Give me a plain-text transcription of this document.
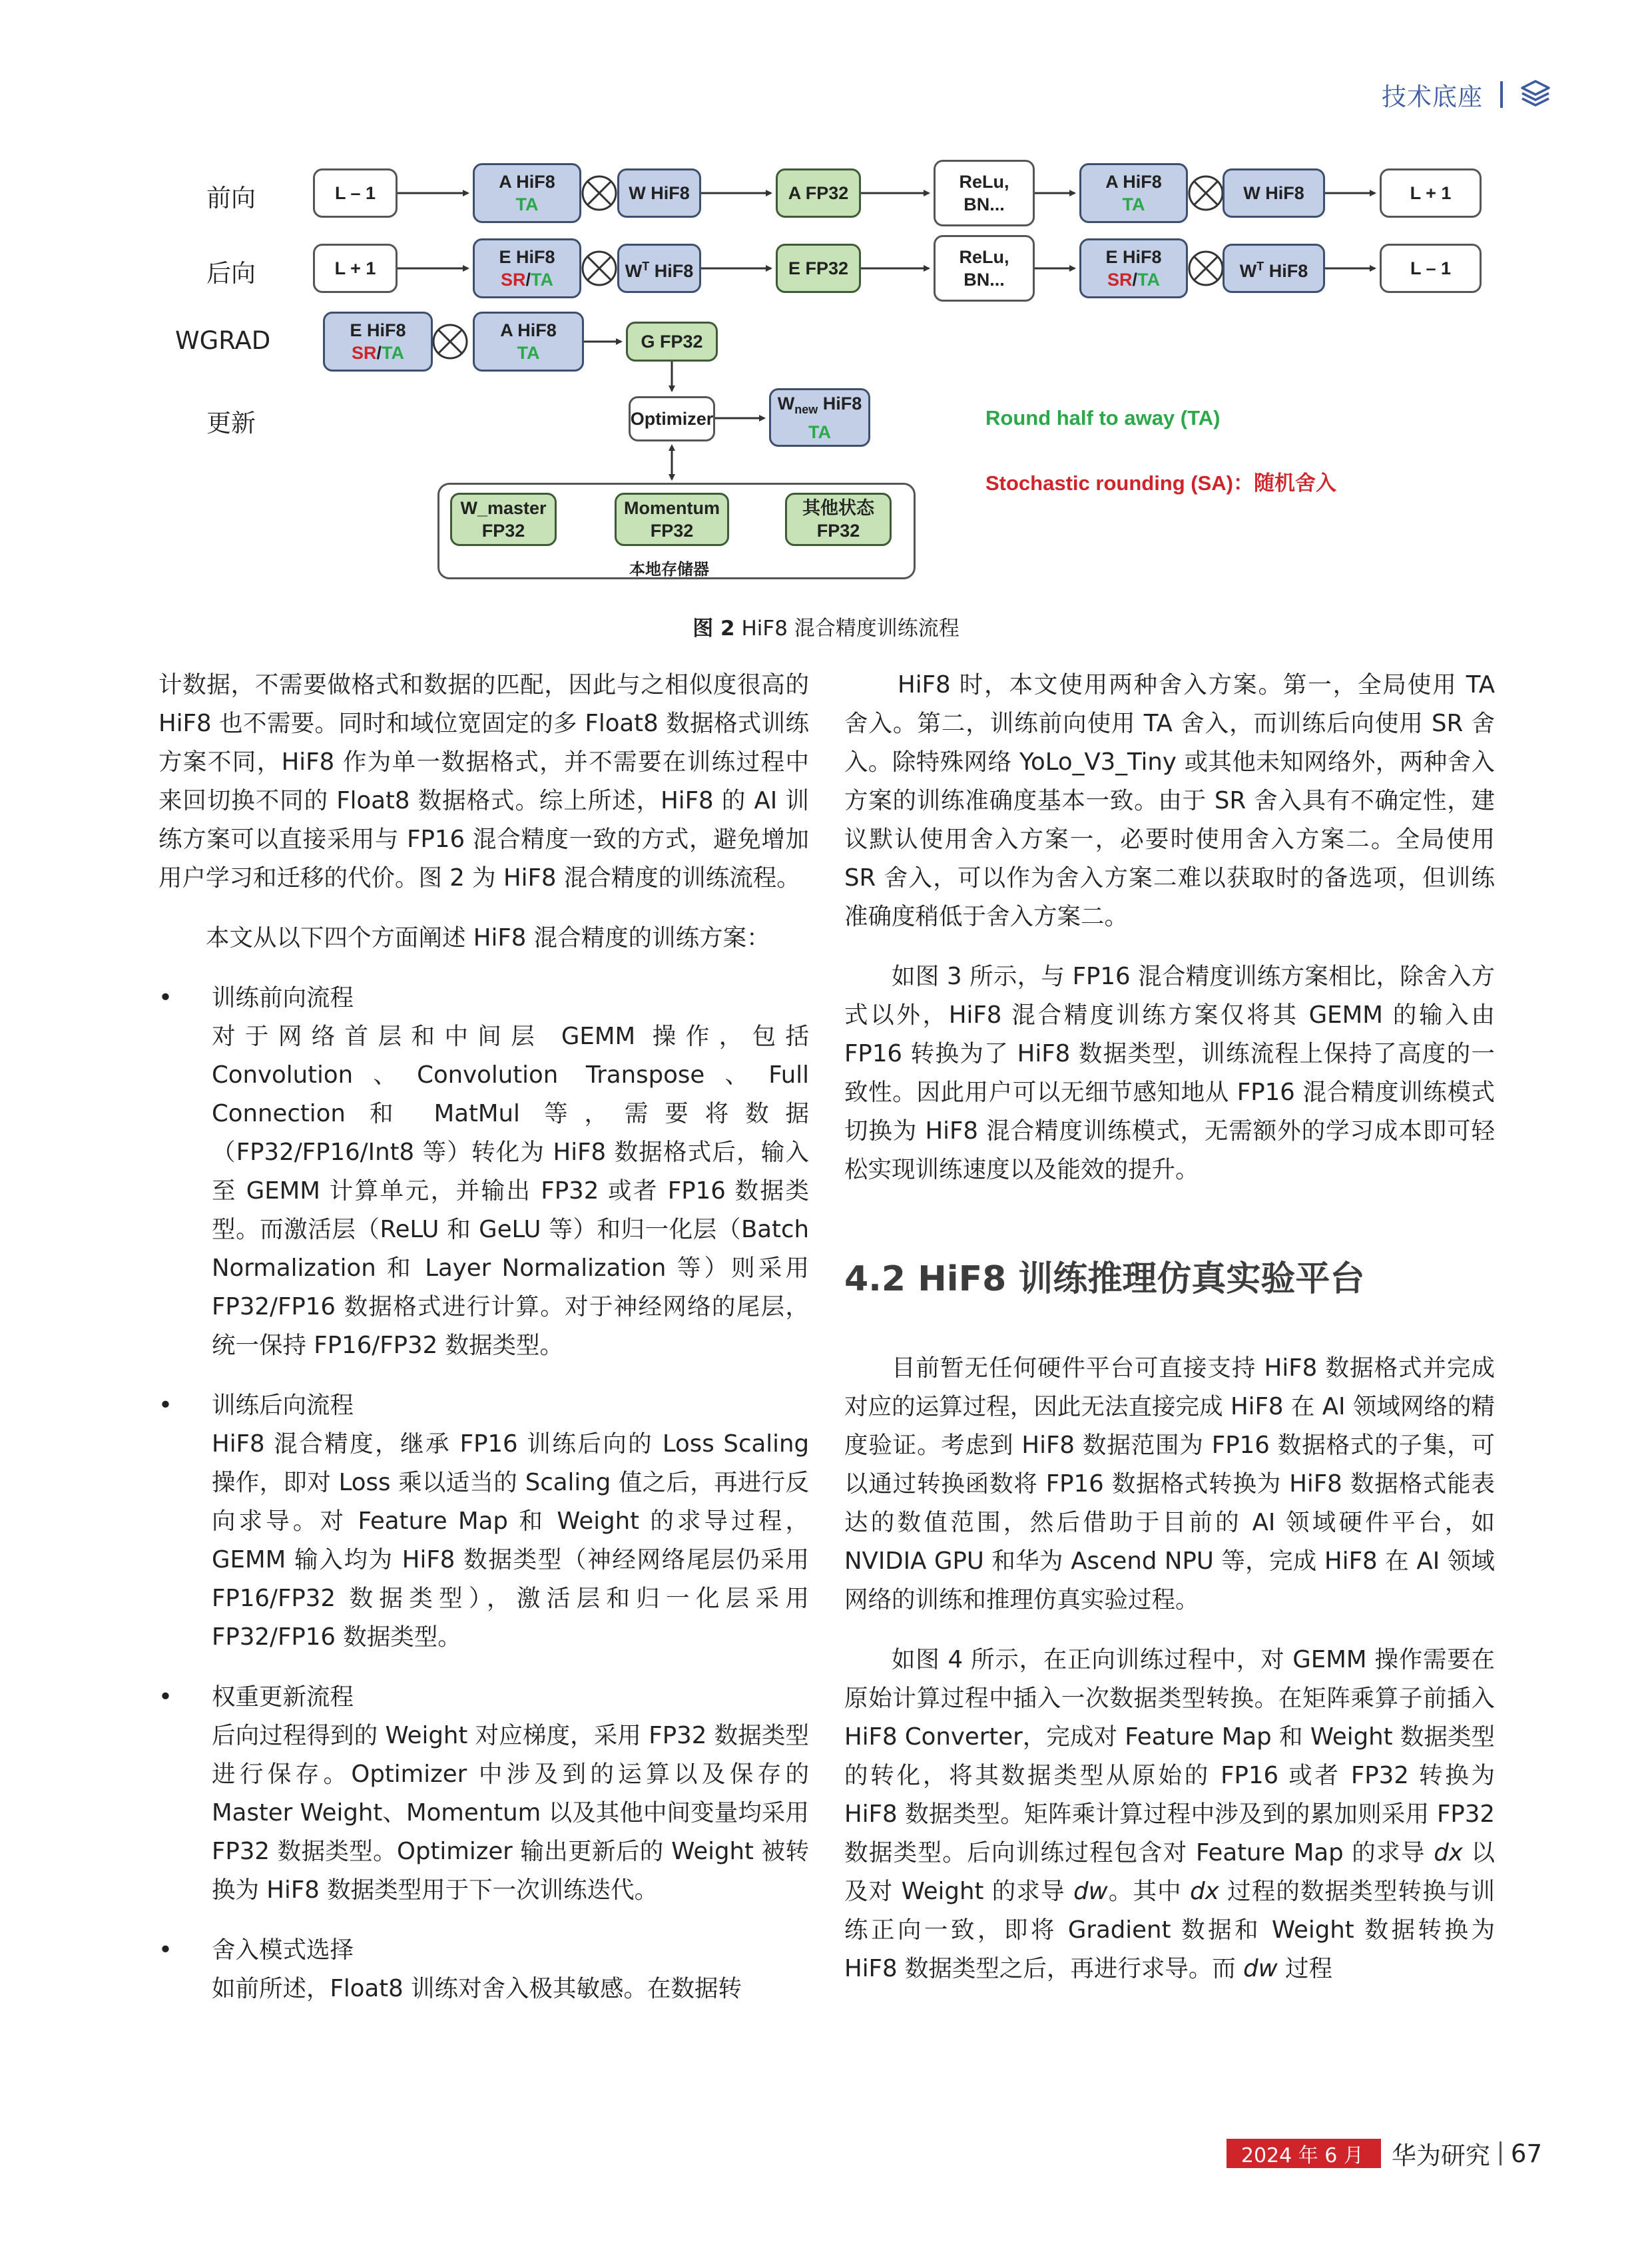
技术底座
前向
后向
WGRAD
更新
L – 1
A HiF8
TA
W HiF8	A FP32
ReLu,
BN...
A HiF8
TA
W HiF8	L + 1
L + 1
E HiF8
SR/TA	$W^T$ HiF8	E FP32
ReLu,
BN...
E HiF8
SR/TA	$W^T$ HiF8	L – 1
E HiF8
SR/TA
A HiF8
TA
G FP32
Optimizer
$W_{new}$ HiF8
TA
Round half to away (TA)
Stochastic rounding (SA)：随机舍入
W_master
FP32
Momentum
FP32
其他状态
FP32
本地存储器
图 2 HiF8 混合精度训练流程

计数据，不需要做格式和数据的匹配，因此与之相似度很高的 HiF8 也不需要。同时和域位宽固定的多 Float8 数据格式训练方案不同，HiF8 作为单一数据格式，并不需要在训练过程中来回切换不同的 Float8 数据格式。综上所述，HiF8 的 AI 训练方案可以直接采用与 FP16 混合精度一致的方式，避免增加用户学习和迁移的代价。图 2 为 HiF8 混合精度的训练流程。

本文从以下四个方面阐述 HiF8 混合精度的训练方案：

• 训练前向流程

对于网络首层和中间层 GEMM 操作，包括 Convolution、Convolution Transpose、Full Connection 和 MatMul 等，需要将数据（FP32/FP16/Int8 等）转化为 HiF8 数据格式后，输入至 GEMM 计算单元，并输出 FP32 或者 FP16 数据类型。而激活层（ReLU 和 GeLU 等）和归一化层（Batch Normalization 和 Layer Normalization 等）则采用 FP32/FP16 数据格式进行计算。对于神经网络的尾层，统一保持 FP16/FP32 数据类型。

• 训练后向流程

HiF8 混合精度，继承 FP16 训练后向的 Loss Scaling 操作，即对 Loss 乘以适当的 Scaling 值之后，再进行反向求导。对 Feature Map 和 Weight 的求导过程，GEMM 输入均为 HiF8 数据类型（神经网络尾层仍采用 FP16/FP32 数据类型），激活层和归一化层采用 FP32/FP16 数据类型。

• 权重更新流程

后向过程得到的 Weight 对应梯度，采用 FP32 数据类型进行保存。Optimizer 中涉及到的运算以及保存的 Master Weight、Momentum 以及其他中间变量均采用 FP32 数据类型。Optimizer 输出更新后的 Weight 被转换为 HiF8 数据类型用于下一次训练迭代。

• 舍入模式选择

如前所述，Float8 训练对舍入极其敏感。在数据转

HiF8 时，本文使用两种舍入方案。第一，全局使用 TA 舍入。第二，训练前向使用 TA 舍入，而训练后向使用 SR 舍入。除特殊网络 YoLo_V3_Tiny 或其他未知网络外，两种舍入方案的训练准确度基本一致。由于 SR 舍入具有不确定性，建议默认使用舍入方案一，必要时使用舍入方案二。全局使用 SR 舍入，可以作为舍入方案二难以获取时的备选项，但训练准确度稍低于舍入方案二。

如图 3 所示，与 FP16 混合精度训练方案相比，除舍入方式以外，HiF8 混合精度训练方案仅将其 GEMM 的输入由 FP16 转换为了 HiF8 数据类型，训练流程上保持了高度的一致性。因此用户可以无细节感知地从 FP16 混合精度训练模式切换为 HiF8 混合精度训练模式，无需额外的学习成本即可轻松实现训练速度以及能效的提升。

4.2 HiF8 训练推理仿真实验平台

目前暂无任何硬件平台可直接支持 HiF8 数据格式并完成对应的运算过程，因此无法直接完成 HiF8 在 AI 领域网络的精度验证。考虑到 HiF8 数据范围为 FP16 数据格式的子集，可以通过转换函数将 FP16 数据格式转换为 HiF8 数据格式能表达的数值范围，然后借助于目前的 AI 领域硬件平台，如 NVIDIA GPU 和华为 Ascend NPU 等，完成 HiF8 在 AI 领域网络的训练和推理仿真实验过程。

如图 4 所示，在正向训练过程中，对 GEMM 操作需要在原始计算过程中插入一次数据类型转换。在矩阵乘算子前插入 HiF8 Converter，完成对 Feature Map 和 Weight 数据类型的转化，将其数据类型从原始的 FP16 或者 FP32 转换为 HiF8 数据类型。矩阵乘计算过程中涉及到的累加则采用 FP32 数据类型。后向训练过程包含对 Feature Map 的求导 dx 以及对 Weight 的求导 dw。其中 dx 过程的数据类型转换与训练正向一致，即将 Gradient 数据和 Weight 数据转换为 HiF8 数据类型之后，再进行求导。而 dw 过程

2024 年 6 月	华为研究 67
